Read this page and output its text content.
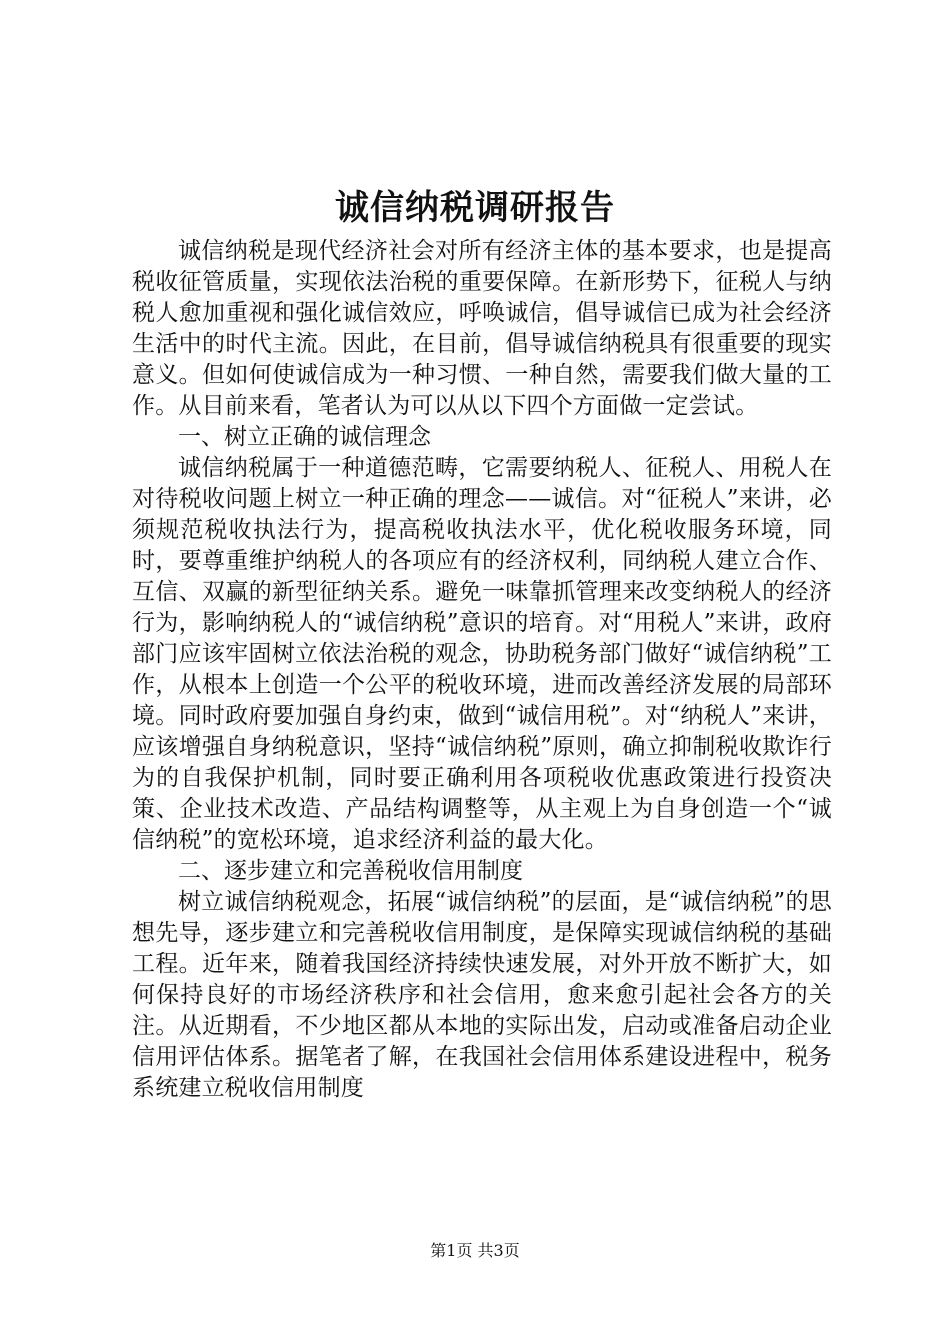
诚信纳税调研报告

诚信纳税是现代经济社会对所有经济主体的基本要求，也是提高税收征管质量，实现依法治税的重要保障。在新形势下，征税人与纳税人愈加重视和强化诚信效应，呼唤诚信，倡导诚信已成为社会经济生活中的时代主流。因此，在目前，倡导诚信纳税具有很重要的现实意义。但如何使诚信成为一种习惯、一种自然，需要我们做大量的工作。从目前来看，笔者认为可以从以下四个方面做一定尝试。

一、树立正确的诚信理念

诚信纳税属于一种道德范畴，它需要纳税人、征税人、用税人在对待税收问题上树立一种正确的理念——诚信。对“征税人”来讲，必须规范税收执法行为，提高税收执法水平，优化税收服务环境，同时，要尊重维护纳税人的各项应有的经济权利，同纳税人建立合作、互信、双赢的新型征纳关系。避免一味靠抓管理来改变纳税人的经济行为，影响纳税人的“诚信纳税”意识的培育。对“用税人”来讲，政府部门应该牢固树立依法治税的观念，协助税务部门做好“诚信纳税”工作，从根本上创造一个公平的税收环境，进而改善经济发展的局部环境。同时政府要加强自身约束，做到“诚信用税”。对“纳税人”来讲，应该增强自身纳税意识，坚持“诚信纳税”原则，确立抑制税收欺诈行为的自我保护机制，同时要正确利用各项税收优惠政策进行投资决策、企业技术改造、产品结构调整等，从主观上为自身创造一个“诚信纳税”的宽松环境，追求经济利益的最大化。

二、逐步建立和完善税收信用制度

树立诚信纳税观念，拓展“诚信纳税”的层面，是“诚信纳税”的思想先导，逐步建立和完善税收信用制度，是保障实现诚信纳税的基础工程。近年来，随着我国经济持续快速发展，对外开放不断扩大，如何保持良好的市场经济秩序和社会信用，愈来愈引起社会各方的关注。从近期看，不少地区都从本地的实际出发，启动或准备启动企业信用评估体系。据笔者了解，在我国社会信用体系建设进程中，税务系统建立税收信用制度

第1页 共3页
